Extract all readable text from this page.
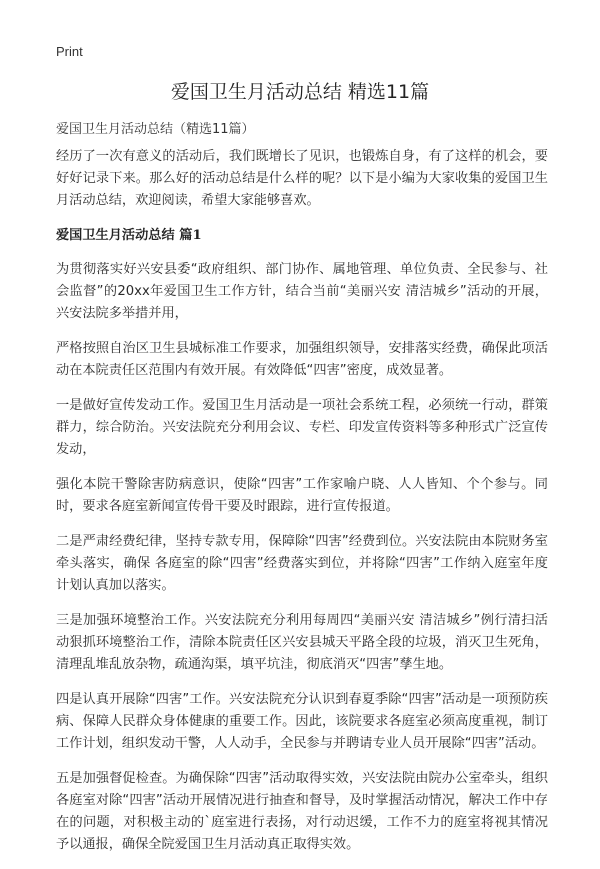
Print
爱国卫生月活动总结 精选11篇
爱国卫生月活动总结（精选11篇）

经历了一次有意义的活动后，我们既增长了见识，也锻炼自身，有了这样的机会，要好好记录下来。那么好的活动总结是什么样的呢？以下是小编为大家收集的爱国卫生月活动总结，欢迎阅读，希望大家能够喜欢。

爱国卫生月活动总结 篇1

为贯彻落实好兴安县委“政府组织、部门协作、属地管理、单位负责、全民参与、社会监督”的20xx年爱国卫生工作方针，结合当前“美丽兴安 清洁城乡”活动的开展，兴安法院多举措并用，

严格按照自治区卫生县城标准工作要求，加强组织领导，安排落实经费，确保此项活动在本院责任区范围内有效开展。有效降低“四害”密度，成效显著。

一是做好宣传发动工作。爱国卫生月活动是一项社会系统工程，必须统一行动，群策群力，综合防治。兴安法院充分利用会议、专栏、印发宣传资料等多种形式广泛宣传发动，

强化本院干警除害防病意识，使除“四害”工作家喻户晓、人人皆知、个个参与。同时，要求各庭室新闻宣传骨干要及时跟踪，进行宣传报道。

二是严肃经费纪律，坚持专款专用，保障除“四害”经费到位。兴安法院由本院财务室牵头落实，确保 各庭室的除“四害”经费落实到位，并将除“四害”工作纳入庭室年度计划认真加以落实。

三是加强环境整治工作。兴安法院充分利用每周四“美丽兴安 清洁城乡”例行清扫活动狠抓环境整治工作，清除本院责任区兴安县城天平路全段的垃圾，消灭卫生死角，清理乱堆乱放杂物，疏通沟渠，填平坑洼，彻底消灭“四害”孳生地。

四是认真开展除“四害”工作。兴安法院充分认识到春夏季除“四害”活动是一项预防疾病、保障人民群众身体健康的重要工作。因此，该院要求各庭室必须高度重视，制订工作计划，组织发动干警，人人动手，全民参与并聘请专业人员开展除“四害”活动。

五是加强督促检查。为确保除“四害”活动取得实效，兴安法院由院办公室牵头，组织各庭室对除“四害”活动开展情况进行抽查和督导，及时掌握活动情况，解决工作中存在的问题，对积极主动的`庭室进行表扬，对行动迟缓，工作不力的庭室将视其情况予以通报，确保全院爱国卫生月活动真正取得实效。
